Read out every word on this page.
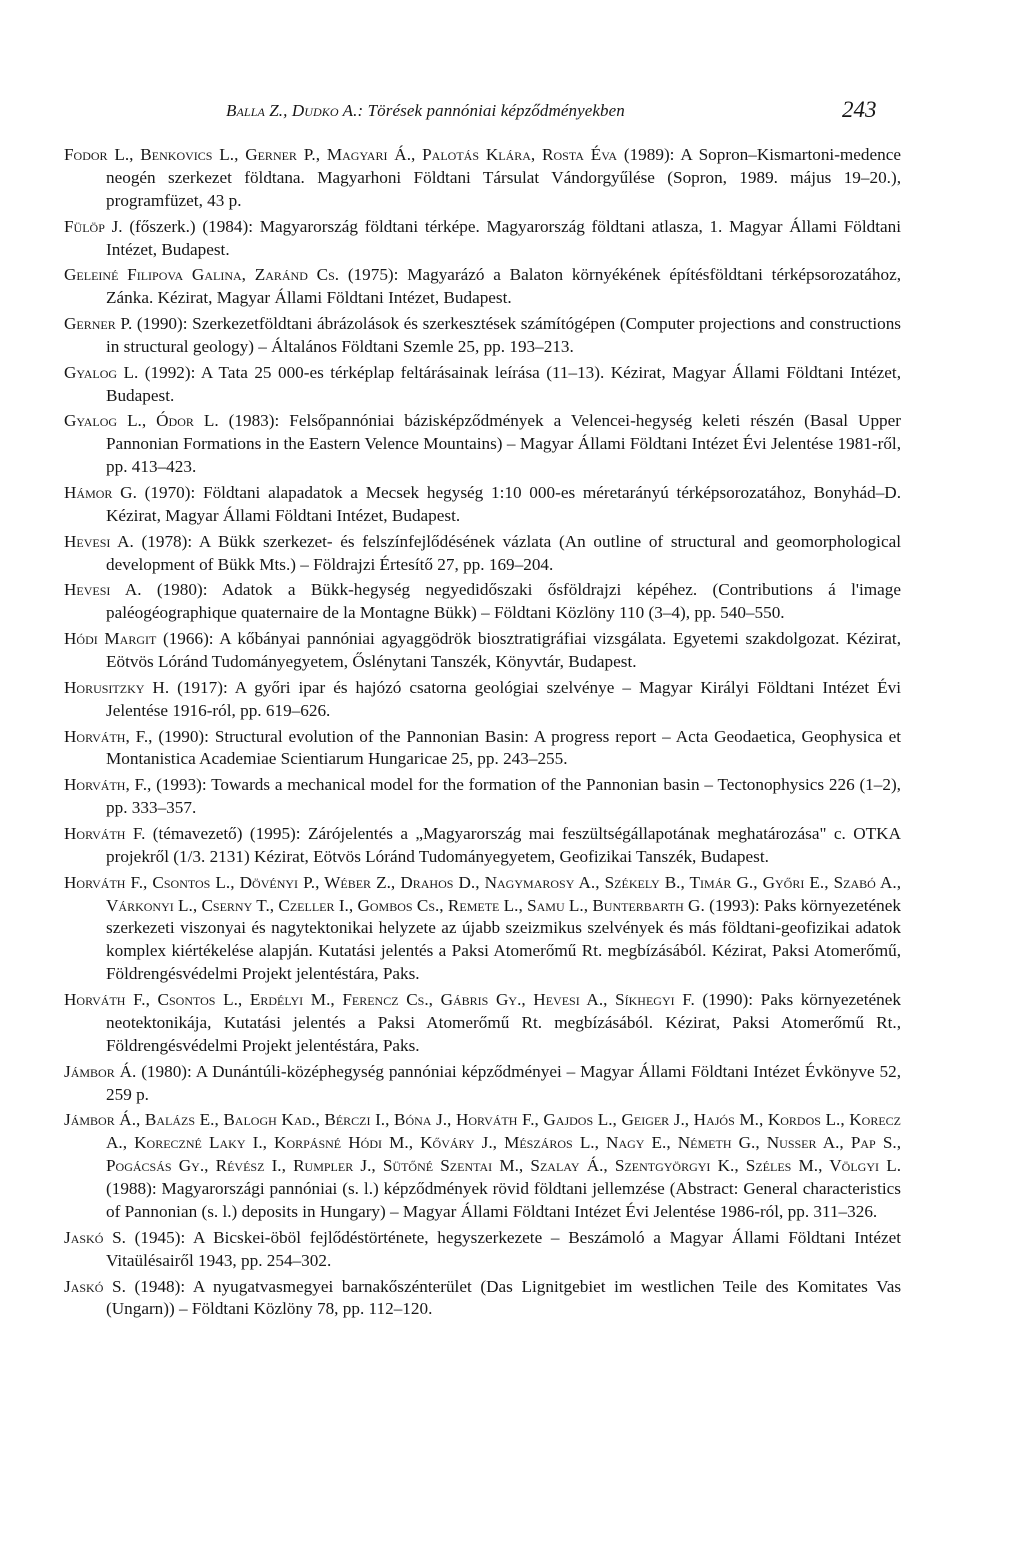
Balla Z., Dudko A.: Törések pannóniai képződményekben	243

Fodor L., Benkovics L., Gerner P., Magyari Á., Palotás Klára, Rosta Éva (1989): A Sopron–Kismartoni-medence neogén szerkezet földtana. Magyarhoni Földtani Társulat Vándorgyűlése (Sopron, 1989. május 19–20.), programfüzet, 43 p.

Fülöp J. (főszerk.) (1984): Magyarország földtani térképe. Magyarország földtani atlasza, 1. Magyar Állami Földtani Intézet, Budapest.

Geleiné Filipova Galina, Zaránd Cs. (1975): Magyarázó a Balaton környékének építésföldtani térképsorozatához, Zánka. Kézirat, Magyar Állami Földtani Intézet, Budapest.

Gerner P. (1990): Szerkezetföldtani ábrázolások és szerkesztések számítógépen (Computer projections and constructions in structural geology) – Általános Földtani Szemle 25, pp. 193–213.

Gyalog L. (1992): A Tata 25 000-es térképlap feltárásainak leírása (11–13). Kézirat, Magyar Állami Földtani Intézet, Budapest.

Gyalog L., Ódor L. (1983): Felsőpannóniai bázisképződmények a Velencei-hegység keleti részén (Basal Upper Pannonian Formations in the Eastern Velence Mountains) – Magyar Állami Földtani Intézet Évi Jelentése 1981-ről, pp. 413–423.

Hámor G. (1970): Földtani alapadatok a Mecsek hegység 1:10 000-es méretarányú térképsorozatához, Bonyhád–D. Kézirat, Magyar Állami Földtani Intézet, Budapest.

Hevesi A. (1978): A Bükk szerkezet- és felszínfejlődésének vázlata (An outline of structural and geomorphological development of Bükk Mts.) – Földrajzi Értesítő 27, pp. 169–204.

Hevesi A. (1980): Adatok a Bükk-hegység negyedidőszaki ősföldrajzi képéhez. (Contributions á l'image paléogéographique quaternaire de la Montagne Bükk) – Földtani Közlöny 110 (3–4), pp. 540–550.

Hódi Margit (1966): A kőbányai pannóniai agyaggödrök biosztratigráfiai vizsgálata. Egyetemi szakdolgozat. Kézirat, Eötvös Lóránd Tudományegyetem, Őslénytani Tanszék, Könyvtár, Budapest.

Horusitzky H. (1917): A győri ipar és hajózó csatorna geológiai szelvénye – Magyar Királyi Földtani Intézet Évi Jelentése 1916-ról, pp. 619–626.

Horváth, F., (1990): Structural evolution of the Pannonian Basin: A progress report – Acta Geodaetica, Geophysica et Montanistica Academiae Scientiarum Hungaricae 25, pp. 243–255.

Horváth, F., (1993): Towards a mechanical model for the formation of the Pannonian basin – Tectonophysics 226 (1–2), pp. 333–357.

Horváth F. (témavezető) (1995): Zárójelentés a „Magyarország mai feszültségállapotának meghatározása" c. OTKA projekről (1/3. 2131) Kézirat, Eötvös Lóránd Tudományegyetem, Geofizikai Tanszék, Budapest.

Horváth F., Csontos L., Dövényi P., Wéber Z., Drahos D., Nagymarosy A., Székely B., Timár G., Győri E., Szabó A., Várkonyi L., Cserny T., Czeller I., Gombos Cs., Remete L., Samu L., Bunterbarth G. (1993): Paks környezetének szerkezeti viszonyai és nagytektonikai helyzete az újabb szeizmikus szelvények és más földtani-geofizikai adatok komplex kiértékelése alapján. Kutatási jelentés a Paksi Atomerőmű Rt. megbízásából. Kézirat, Paksi Atomerőmű, Földrengésvédelmi Projekt jelentéstára, Paks.

Horváth F., Csontos L., Erdélyi M., Ferencz Cs., Gábris Gy., Hevesi A., Síkhegyi F. (1990): Paks környezetének neotektonikája, Kutatási jelentés a Paksi Atomerőmű Rt. megbízásából. Kézirat, Paksi Atomerőmű Rt., Földrengésvédelmi Projekt jelentéstára, Paks.

Jámbor Á. (1980): A Dunántúli-középhegység pannóniai képződményei – Magyar Állami Földtani Intézet Évkönyve 52, 259 p.

Jámbor Á., Balázs E., Balogh Kad., Bérczi I., Bóna J., Horváth F., Gajdos L., Geiger J., Hajós M., Kordos L., Korecz A., Koreczné Laky I., Korpásné Hódi M., Kőváry J., Mészáros L., Nagy E., Németh G., Nusser A., Pap S., Pogácsás Gy., Révész I., Rumpler J., Sütőné Szentai M., Szalay Á., Szentgyörgyi K., Széles M., Völgyi L. (1988): Magyarországi pannóniai (s. l.) képződmények rövid földtani jellemzése (Abstract: General characteristics of Pannonian (s. l.) deposits in Hungary) – Magyar Állami Földtani Intézet Évi Jelentése 1986-ról, pp. 311–326.

Jaskó S. (1945): A Bicskei-öböl fejlődéstörténete, hegyszerkezete – Beszámoló a Magyar Állami Földtani Intézet Vitaülésairől 1943, pp. 254–302.

Jaskó S. (1948): A nyugatvasmegyei barnakőszénterület (Das Lignitgebiet im westlichen Teile des Komitates Vas (Ungarn)) – Földtani Közlöny 78, pp. 112–120.
